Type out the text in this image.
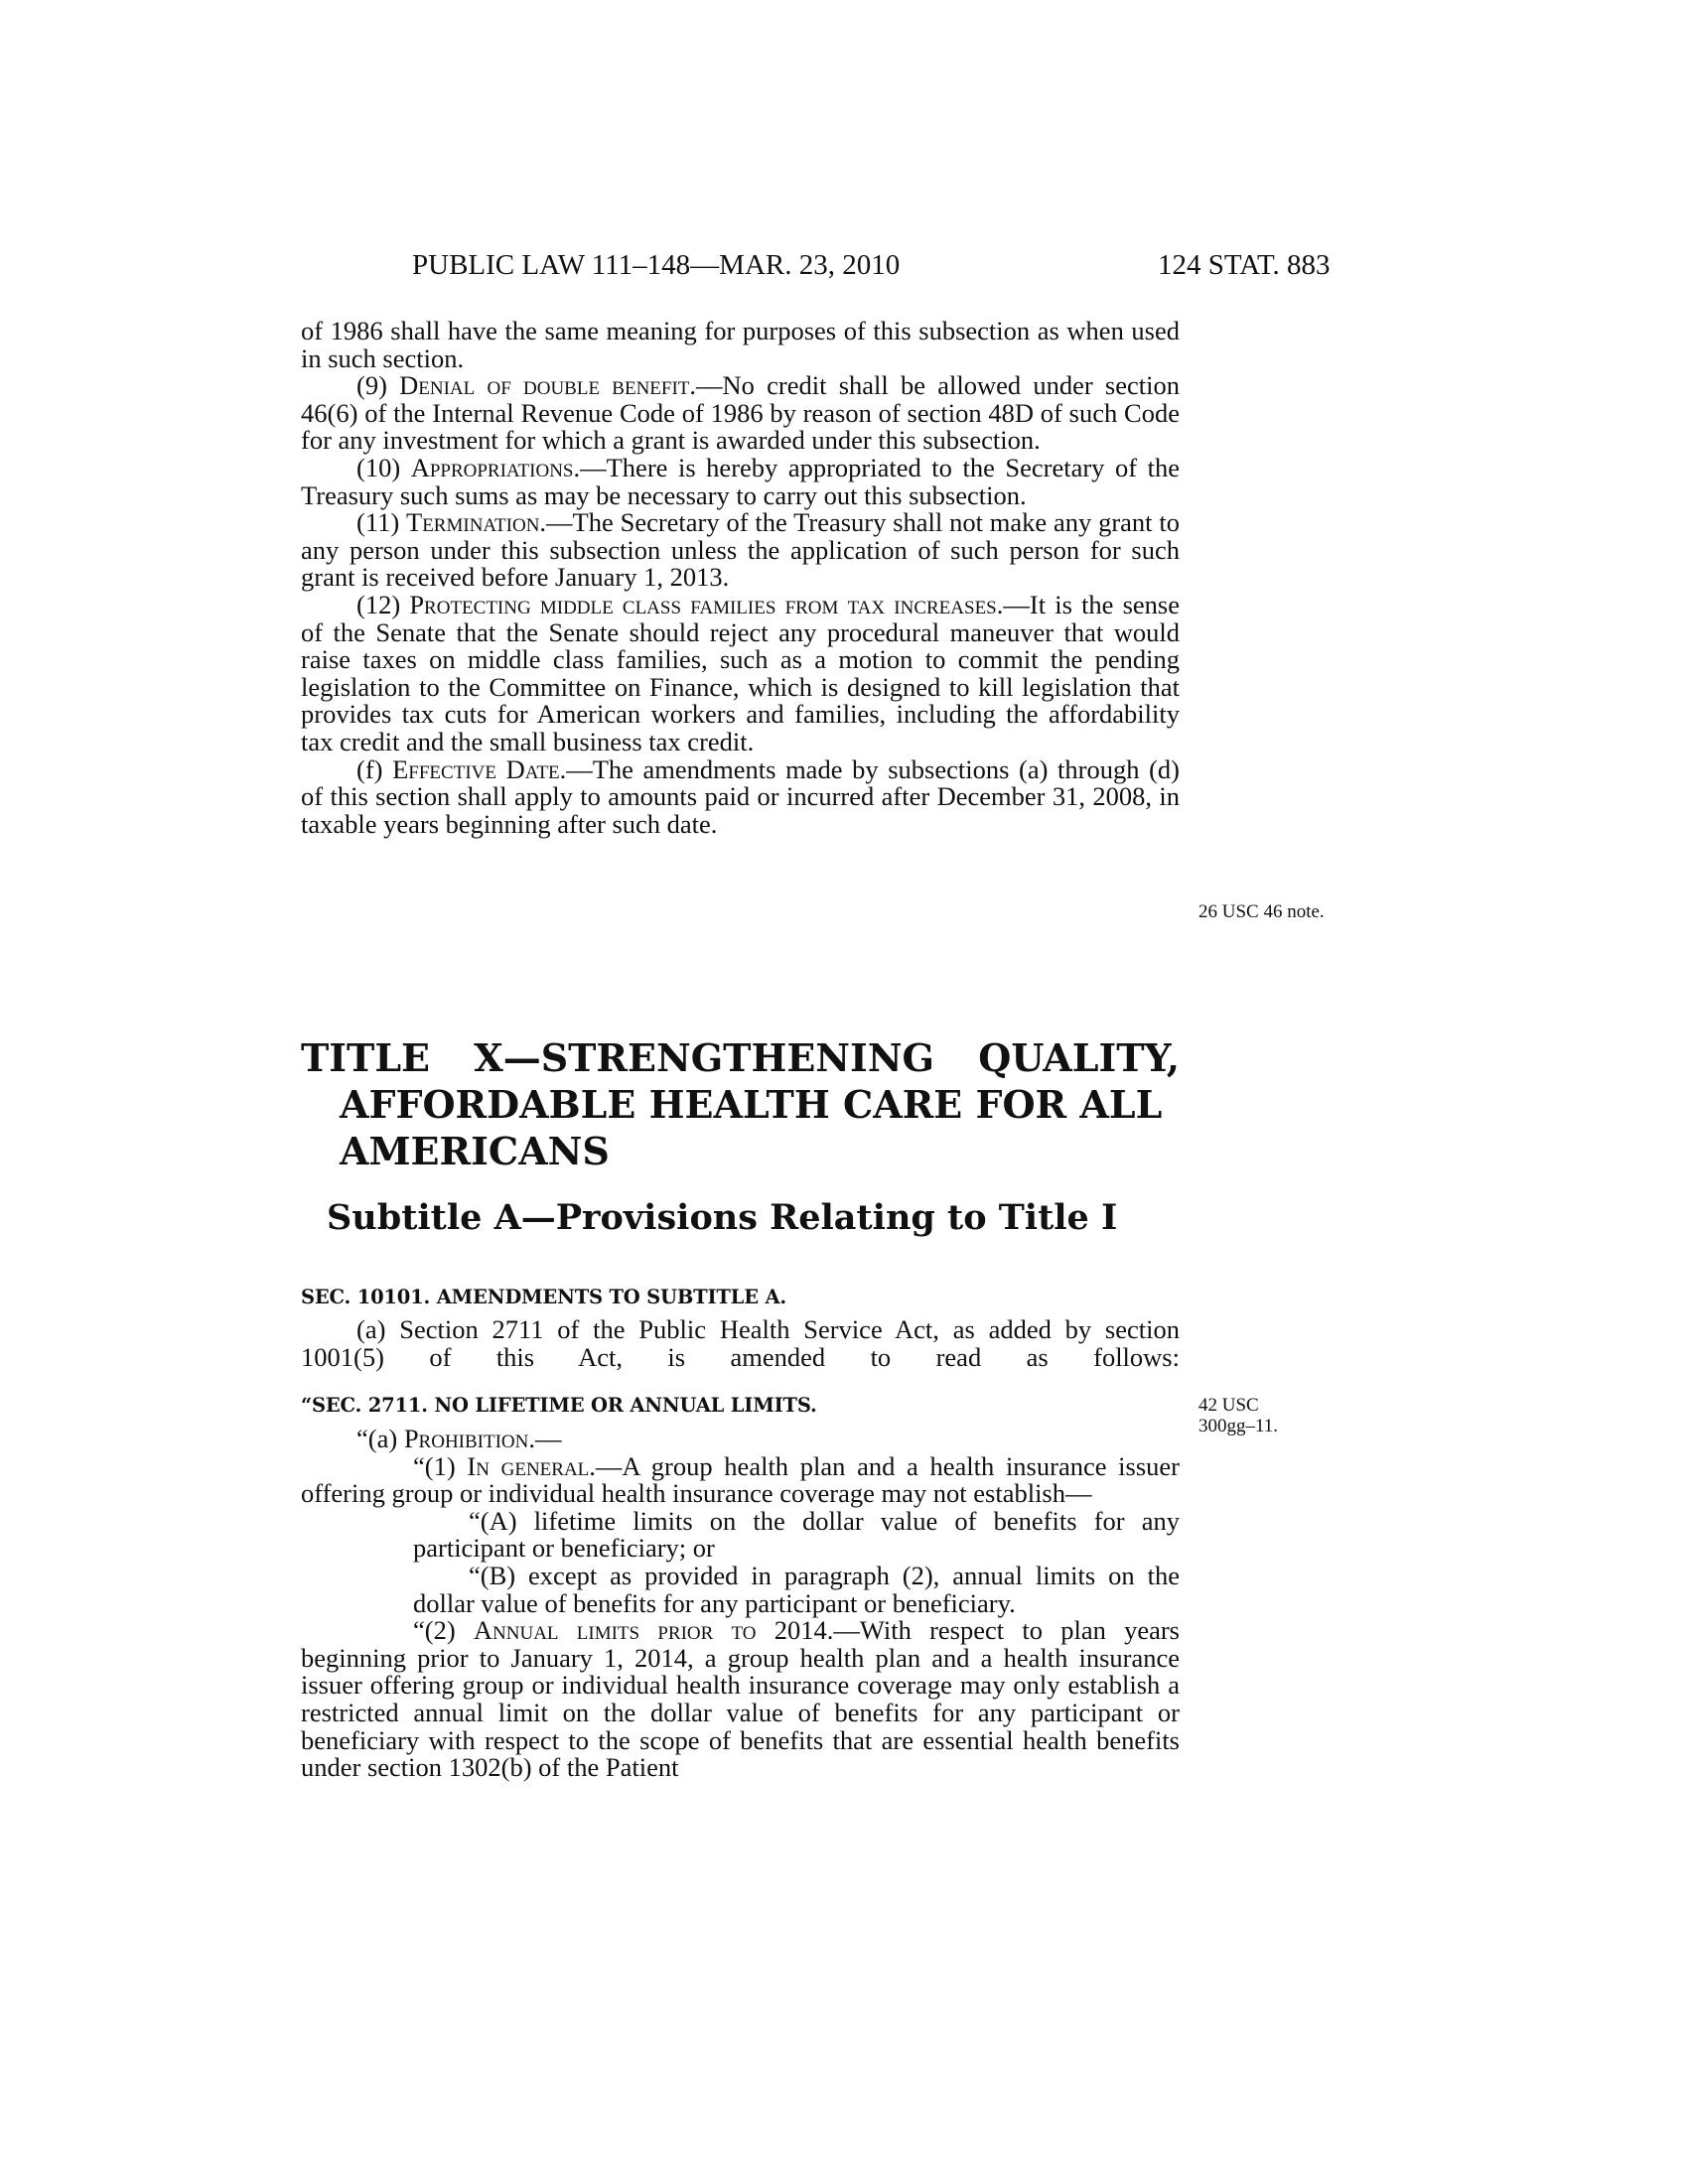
PUBLIC LAW 111–148—MAR. 23, 2010	124 STAT. 883

of 1986 shall have the same meaning for purposes of this subsection as when used in such section.

(9) Denial of double benefit.—No credit shall be allowed under section 46(6) of the Internal Revenue Code of 1986 by reason of section 48D of such Code for any investment for which a grant is awarded under this subsection.

(10) Appropriations.—There is hereby appropriated to the Secretary of the Treasury such sums as may be necessary to carry out this subsection.

(11) Termination.—The Secretary of the Treasury shall not make any grant to any person under this subsection unless the application of such person for such grant is received before January 1, 2013.

(12) Protecting middle class families from tax increases.—It is the sense of the Senate that the Senate should reject any procedural maneuver that would raise taxes on middle class families, such as a motion to commit the pending legislation to the Committee on Finance, which is designed to kill legislation that provides tax cuts for American workers and families, including the affordability tax credit and the small business tax credit.

(f) Effective Date.—The amendments made by subsections (a) through (d) of this section shall apply to amounts paid or incurred after December 31, 2008, in taxable years beginning after such date.

26 USC 46 note.
TITLE X—STRENGTHENING QUALITY,
AFFORDABLE HEALTH CARE FOR ALL
AMERICANS
Subtitle A—Provisions Relating to Title I
SEC. 10101. AMENDMENTS TO SUBTITLE A.

(a) Section 2711 of the Public Health Service Act, as added by section 1001(5) of this Act, is amended to read as follows:

“SEC. 2711. NO LIFETIME OR ANNUAL LIMITS.	42 USC
300gg–11.

“(a) Prohibition.—

“(1) In general.—A group health plan and a health insurance issuer offering group or individual health insurance coverage may not establish—

“(A) lifetime limits on the dollar value of benefits for any participant or beneficiary; or

“(B) except as provided in paragraph (2), annual limits on the dollar value of benefits for any participant or beneficiary.

“(2) Annual limits prior to 2014.—With respect to plan years beginning prior to January 1, 2014, a group health plan and a health insurance issuer offering group or individual health insurance coverage may only establish a restricted annual limit on the dollar value of benefits for any participant or beneficiary with respect to the scope of benefits that are essential health benefits under section 1302(b) of the Patient
